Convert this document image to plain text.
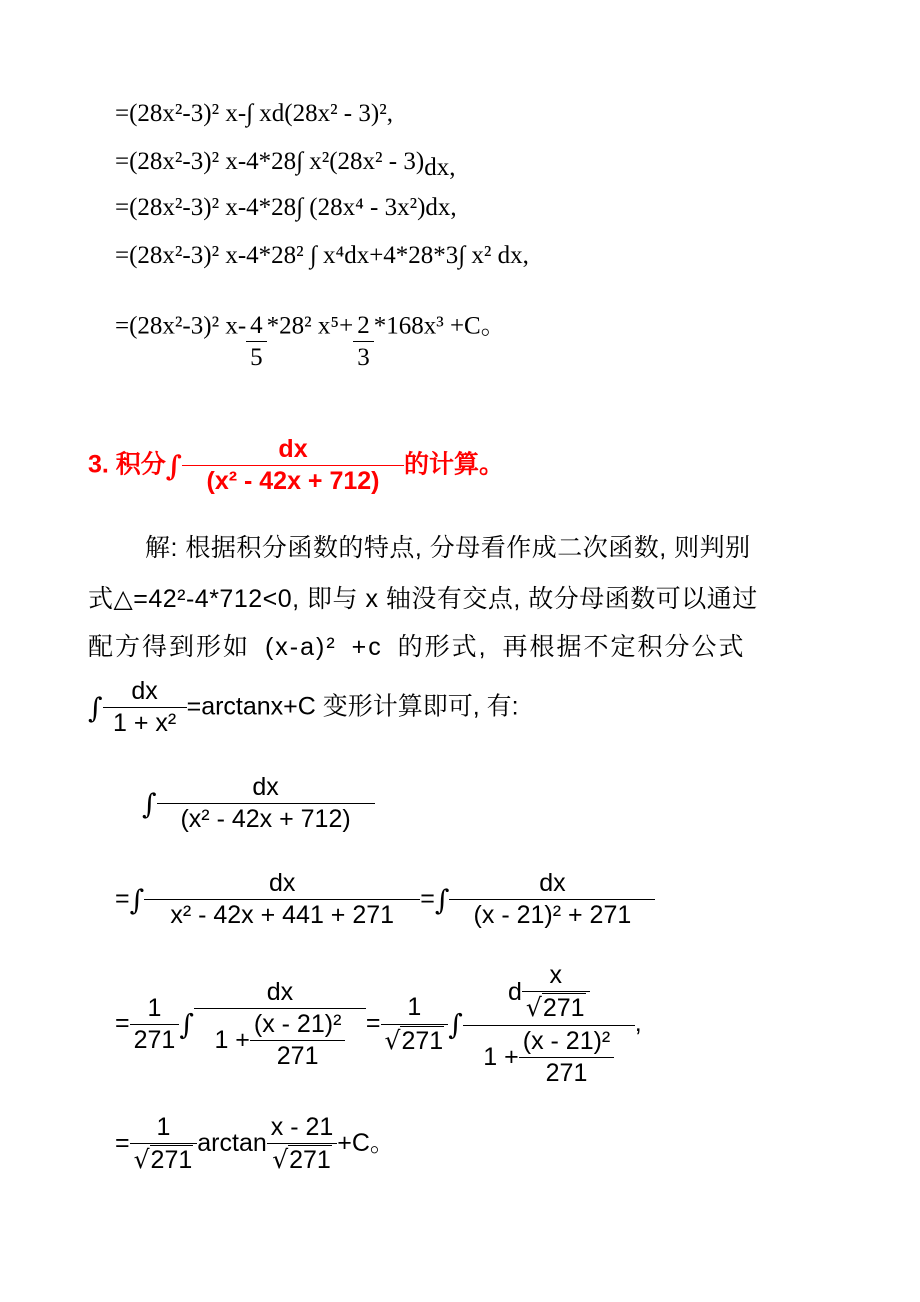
=(28x²-3)² x-∫ xd(28x² - 3)²,
=(28x²-3)² x-4*28∫ x²(28x² - 3)dx,
=(28x²-3)² x-4*28∫ (28x⁴ - 3x²)dx,
=(28x²-3)² x-4*28² ∫ x⁴dx+4*28*3∫ x² dx,
=(28x²-3)² $x- \frac{4}{5} *28^2$ $x^5+ \frac{2}{3} *168x^3 +C$。
3. 积分∫ $\frac{dx}{\text{(x² - 42x + 712)}}$ 的计算。
解: 根据积分函数的特点, 分母看作成二次函数, 则判别
式△=42²-4*712<0, 即与 x 轴没有交点, 故分母函数可以通过
配方得到形如 (x-a)² +c 的形式, 再根据不定积分公式
∫ $\frac{dx}{\text{1 + x²}} =\arctan x+C$ 变形计算即可, 有:
∫ $\frac{dx}{\text{(x² - 42x + 712)}}$
=∫ $\frac{dx}{\text{x² - 42x + 441 + 271}}$ =∫ $\frac{dx}{\text{(x - 21)² + 271}}$
= $\frac{1}{271}$ ∫ $\frac{dx}{1 + \frac{\text{(x - 21)²}}{271}} = \frac{1}{√271}$ ∫ $\frac{d \frac{x}{√271}}{1 + \frac{\text{(x - 21)²}}{271}}$ ,
= $\frac{1}{√271}$ $\arctan \frac{x - 21}{√271} +C$。
